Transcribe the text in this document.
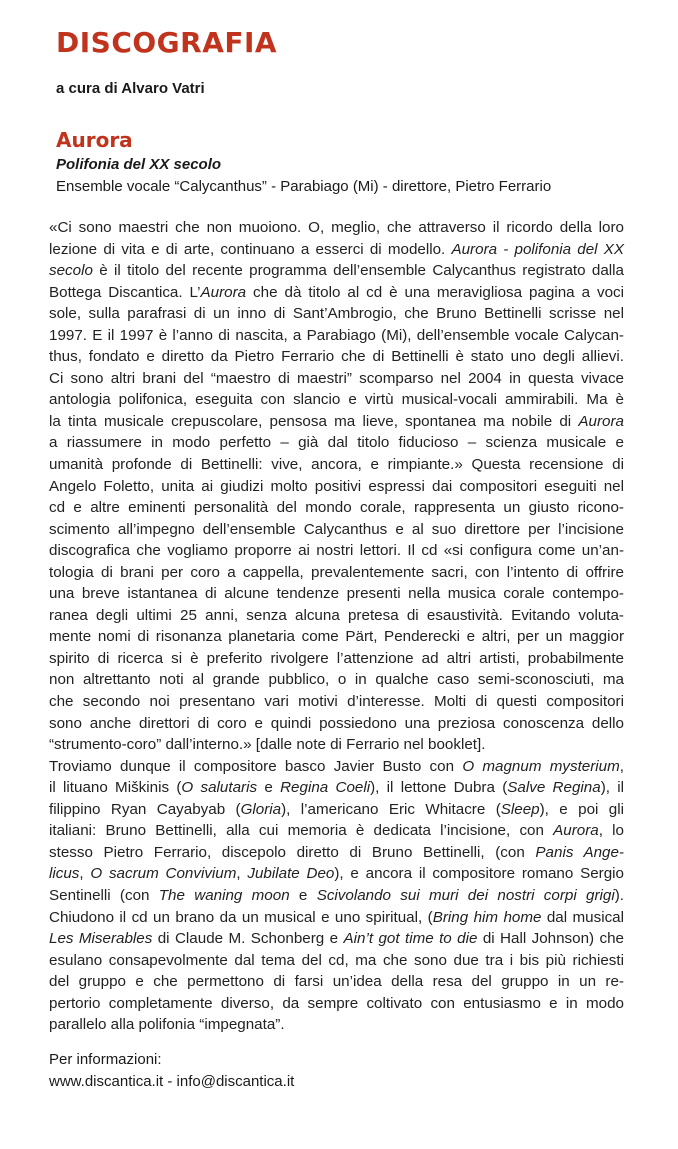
DISCOGRAFIA
a cura di Alvaro Vatri
Aurora
Polifonia del XX secolo
Ensemble vocale “Calycanthus” - Parabiago (Mi) - direttore, Pietro Ferrario
«Ci sono maestri che non muoiono. O, meglio, che attraverso il ricordo della loro
lezione di vita e di arte, continuano a esserci di modello. Aurora - polifonia del XX
secolo è il titolo del recente programma dell’ensemble Calycanthus registrato dalla
Bottega Discantica. L’Aurora che dà titolo al cd è una meravigliosa pagina a voci
sole, sulla parafrasi di un inno di Sant’Ambrogio, che Bruno Bettinelli scrisse nel
1997. E il 1997 è l’anno di nascita, a Parabiago (Mi), dell’ensemble vocale Calycan-
thus, fondato e diretto da Pietro Ferrario che di Bettinelli è stato uno degli allievi.
Ci sono altri brani del “maestro di maestri” scomparso nel 2004 in questa vivace
antologia polifonica, eseguita con slancio e virtù musical-vocali ammirabili. Ma è
la tinta musicale crepuscolare, pensosa ma lieve, spontanea ma nobile di Aurora
a riassumere in modo perfetto – già dal titolo fiducioso – scienza musicale e
umanità profonde di Bettinelli: vive, ancora, e rimpiante.» Questa recensione di
Angelo Foletto, unita ai giudizi molto positivi espressi dai compositori eseguiti nel
cd e altre eminenti personalità del mondo corale, rappresenta un giusto ricono-
scimento all’impegno dell’ensemble Calycanthus e al suo direttore per l’incisione
discografica che vogliamo proporre ai nostri lettori. Il cd «si configura come un’an-
tologia di brani per coro a cappella, prevalentemente sacri, con l’intento di offrire
una breve istantanea di alcune tendenze presenti nella musica corale contempo-
ranea degli ultimi 25 anni, senza alcuna pretesa di esaustività. Evitando voluta-
mente nomi di risonanza planetaria come Pärt, Penderecki e altri, per un maggior
spirito di ricerca si è preferito rivolgere l’attenzione ad altri artisti, probabilmente
non altrettanto noti al grande pubblico, o in qualche caso semi-sconosciuti, ma
che secondo noi presentano vari motivi d’interesse. Molti di questi compositori
sono anche direttori di coro e quindi possiedono una preziosa conoscenza dello
“strumento-coro” dall’interno.» [dalle note di Ferrario nel booklet].
Troviamo dunque il compositore basco Javier Busto con O magnum mysterium,
il lituano Miškinis (O salutaris e Regina Coeli), il lettone Dubra (Salve Regina), il
filippino Ryan Cayabyab (Gloria), l’americano Eric Whitacre (Sleep), e poi gli
italiani: Bruno Bettinelli, alla cui memoria è dedicata l’incisione, con Aurora, lo
stesso Pietro Ferrario, discepolo diretto di Bruno Bettinelli, (con Panis Ange-
licus, O sacrum Convivium, Jubilate Deo), e ancora il compositore romano Sergio
Sentinelli (con The waning moon e Scivolando sui muri dei nostri corpi grigi).
Chiudono il cd un brano da un musical e uno spiritual, (Bring him home dal musical
Les Miserables di Claude M. Schonberg e Ain’t got time to die di Hall Johnson) che
esulano consapevolmente dal tema del cd, ma che sono due tra i bis più richiesti
del gruppo e che permettono di farsi un’idea della resa del gruppo in un re-
pertorio completamente diverso, da sempre coltivato con entusiasmo e in modo
parallelo alla polifonia “impegnata”.
Per informazioni:
www.discantica.it - info@discantica.it
